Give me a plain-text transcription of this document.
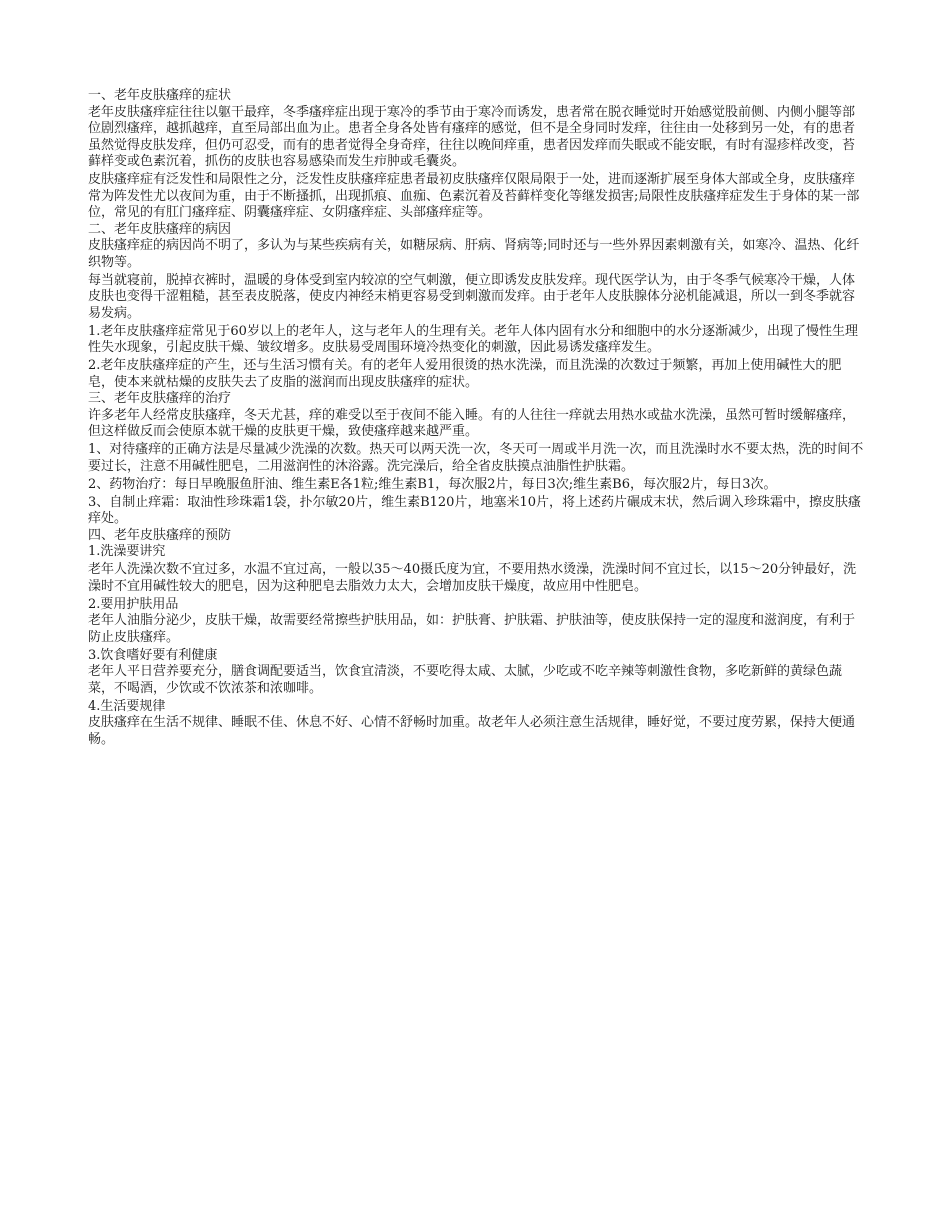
一、老年皮肤瘙痒的症状

老年皮肤瘙痒症往往以躯干最痒，冬季瘙痒症出现于寒冷的季节由于寒冷而诱发，患者常在脱衣睡觉时开始感觉股前侧、内侧小腿等部位剧烈瘙痒，越抓越痒，直至局部出血为止。患者全身各处皆有瘙痒的感觉，但不是全身同时发痒，往往由一处移到另一处，有的患者虽然觉得皮肤发痒，但仍可忍受，而有的患者觉得全身奇痒，往往以晚间痒重，患者因发痒而失眠或不能安眠，有时有湿疹样改变，苔藓样变或色素沉着，抓伤的皮肤也容易感染而发生疖肿或毛囊炎。

皮肤瘙痒症有泛发性和局限性之分，泛发性皮肤瘙痒症患者最初皮肤瘙痒仅限局限于一处，进而逐渐扩展至身体大部或全身，皮肤瘙痒常为阵发性尤以夜间为重，由于不断搔抓，出现抓痕、血痂、色素沉着及苔藓样变化等继发损害;局限性皮肤瘙痒症发生于身体的某一部位，常见的有肛门瘙痒症、阴囊瘙痒症、女阴瘙痒症、头部瘙痒症等。

二、老年皮肤瘙痒的病因

皮肤瘙痒症的病因尚不明了，多认为与某些疾病有关，如糖尿病、肝病、肾病等;同时还与一些外界因素刺激有关，如寒冷、温热、化纤织物等。

每当就寝前，脱掉衣裤时，温暖的身体受到室内较凉的空气刺激，便立即诱发皮肤发痒。现代医学认为，由于冬季气候寒冷干燥，人体皮肤也变得干涩粗糙，甚至表皮脱落，使皮内神经末梢更容易受到刺激而发痒。由于老年人皮肤腺体分泌机能减退，所以一到冬季就容易发病。

1.老年皮肤瘙痒症常见于60岁以上的老年人，这与老年人的生理有关。老年人体内固有水分和细胞中的水分逐渐减少，出现了慢性生理性失水现象，引起皮肤干燥、皱纹增多。皮肤易受周围环境冷热变化的刺激，因此易诱发瘙痒发生。

2.老年皮肤瘙痒症的产生，还与生活习惯有关。有的老年人爱用很烫的热水洗澡，而且洗澡的次数过于频繁，再加上使用碱性大的肥皂，使本来就枯燥的皮肤失去了皮脂的滋润而出现皮肤瘙痒的症状。

三、老年皮肤瘙痒的治疗

许多老年人经常皮肤瘙痒，冬天尤甚，痒的难受以至于夜间不能入睡。有的人往往一痒就去用热水或盐水洗澡，虽然可暂时缓解瘙痒，但这样做反而会使原本就干燥的皮肤更干燥，致使瘙痒越来越严重。

1、对待瘙痒的正确方法是尽量减少洗澡的次数。热天可以两天洗一次，冬天可一周或半月洗一次，而且洗澡时水不要太热，洗的时间不要过长，注意不用碱性肥皂，二用滋润性的沐浴露。洗完澡后，给全省皮肤摸点油脂性护肤霜。

2、药物治疗：每日早晚服鱼肝油、维生素E各1粒;维生素B1，每次服2片，每日3次;维生素B6，每次服2片，每日3次。

3、自制止痒霜：取油性珍珠霜1袋，扑尔敏20片，维生素B120片，地塞米10片，将上述药片碾成末状，然后调入珍珠霜中，擦皮肤瘙痒处。

四、老年皮肤瘙痒的预防

1.洗澡要讲究

老年人洗澡次数不宜过多，水温不宜过高，一般以35～40摄氏度为宜，不要用热水烫澡，洗澡时间不宜过长，以15～20分钟最好，洗澡时不宜用碱性较大的肥皂，因为这种肥皂去脂效力太大，会增加皮肤干燥度，故应用中性肥皂。

2.要用护肤用品

老年人油脂分泌少，皮肤干燥，故需要经常擦些护肤用品，如：护肤膏、护肤霜、护肤油等，使皮肤保持一定的湿度和滋润度，有利于防止皮肤瘙痒。

3.饮食嗜好要有利健康

老年人平日营养要充分，膳食调配要适当，饮食宜清淡，不要吃得太咸、太腻，少吃或不吃辛辣等刺激性食物，多吃新鲜的黄绿色蔬菜，不喝酒，少饮或不饮浓茶和浓咖啡。

4.生活要规律

皮肤瘙痒在生活不规律、睡眠不佳、休息不好、心情不舒畅时加重。故老年人必须注意生活规律，睡好觉，不要过度劳累，保持大便通畅。
